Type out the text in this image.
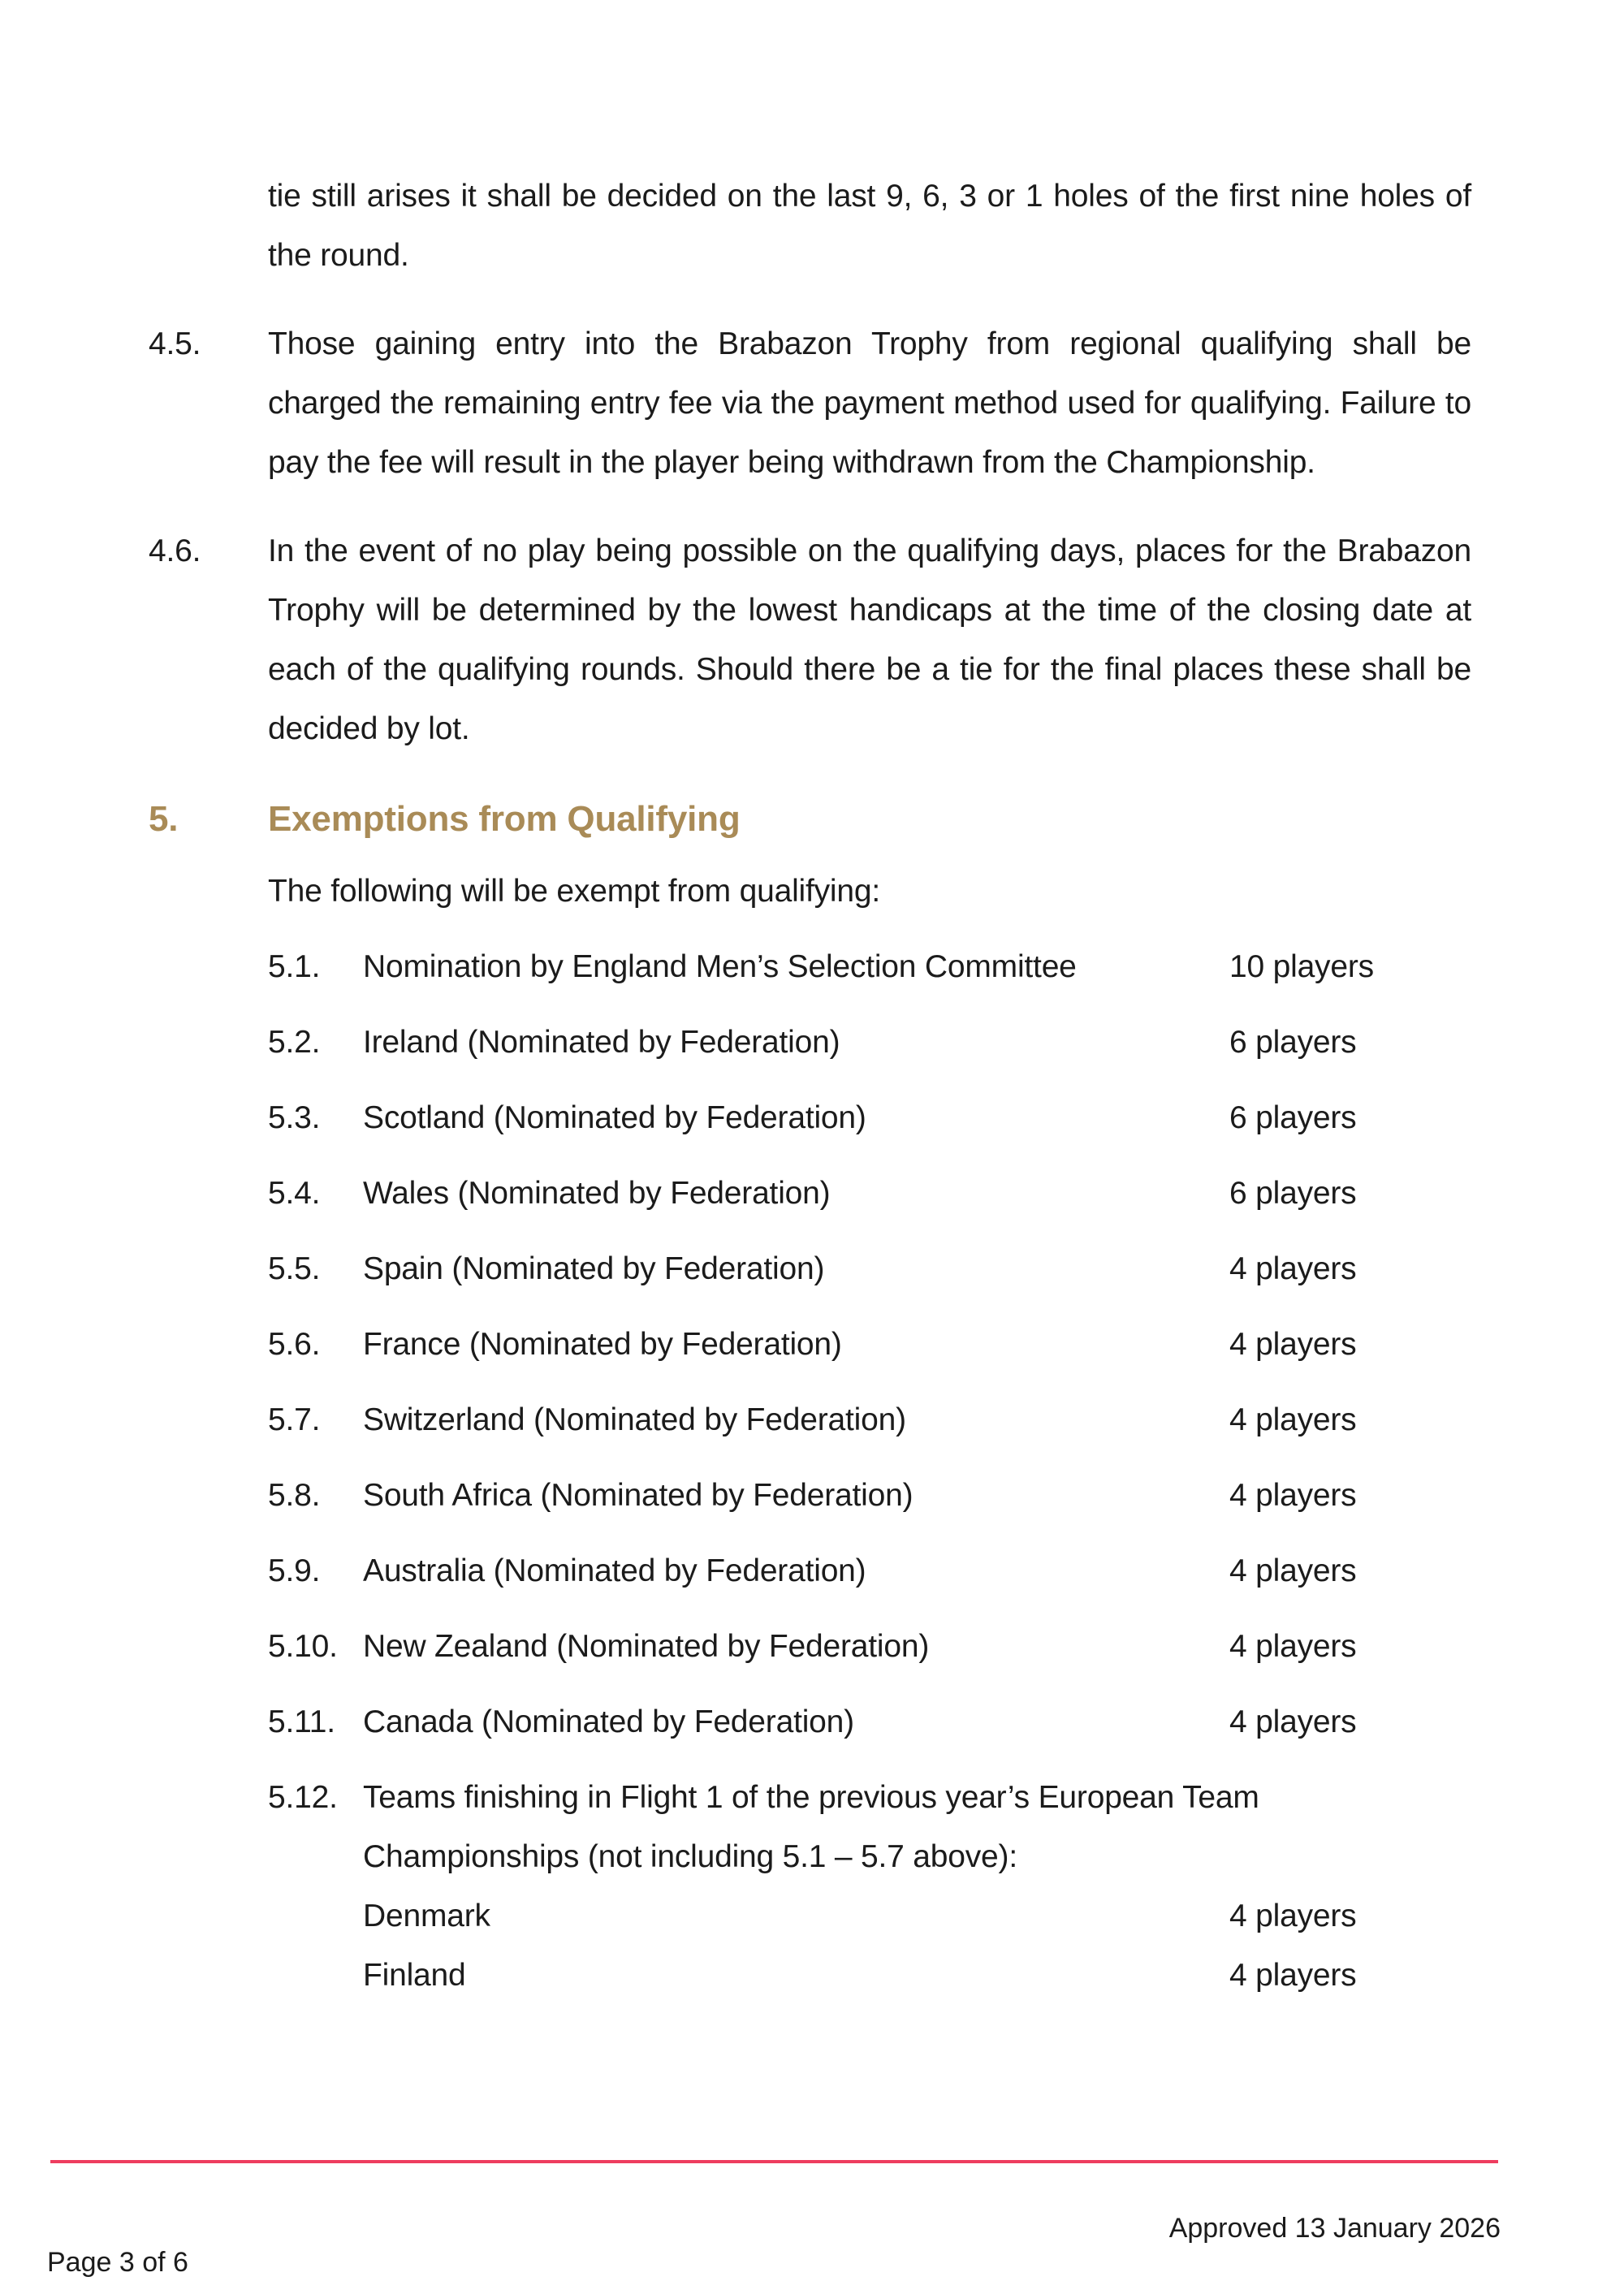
tie still arises it shall be decided on the last 9, 6, 3 or 1 holes of the first nine holes of the round.

4.5.	Those gaining entry into the Brabazon Trophy from regional qualifying shall be charged the remaining entry fee via the payment method used for qualifying. Failure to pay the fee will result in the player being withdrawn from the Championship.
4.6.	In the event of no play being possible on the qualifying days, places for the Brabazon Trophy will be determined by the lowest handicaps at the time of the closing date at each of the qualifying rounds. Should there be a tie for the final places these shall be decided by lot.
5.	Exemptions from Qualifying

The following will be exempt from qualifying:

5.1.	Nomination by England Men’s Selection Committee	10 players
5.2.	Ireland (Nominated by Federation)	6 players
5.3.	Scotland (Nominated by Federation)	6 players
5.4.	Wales (Nominated by Federation)	6 players
5.5.	Spain (Nominated by Federation)	4 players
5.6.	France (Nominated by Federation)	4 players
5.7.	Switzerland (Nominated by Federation)	4 players
5.8.	South Africa (Nominated by Federation)	4 players
5.9.	Australia (Nominated by Federation)	4 players
5.10. New Zealand (Nominated by Federation)	4 players
5.11. Canada (Nominated by Federation)	4 players
5.12. Teams finishing in Flight 1 of the previous year’s European Team Championships (not including 5.1 – 5.7 above):
Denmark	4 players
Finland	4 players
Approved 13 January 2026
Page 3 of 6
